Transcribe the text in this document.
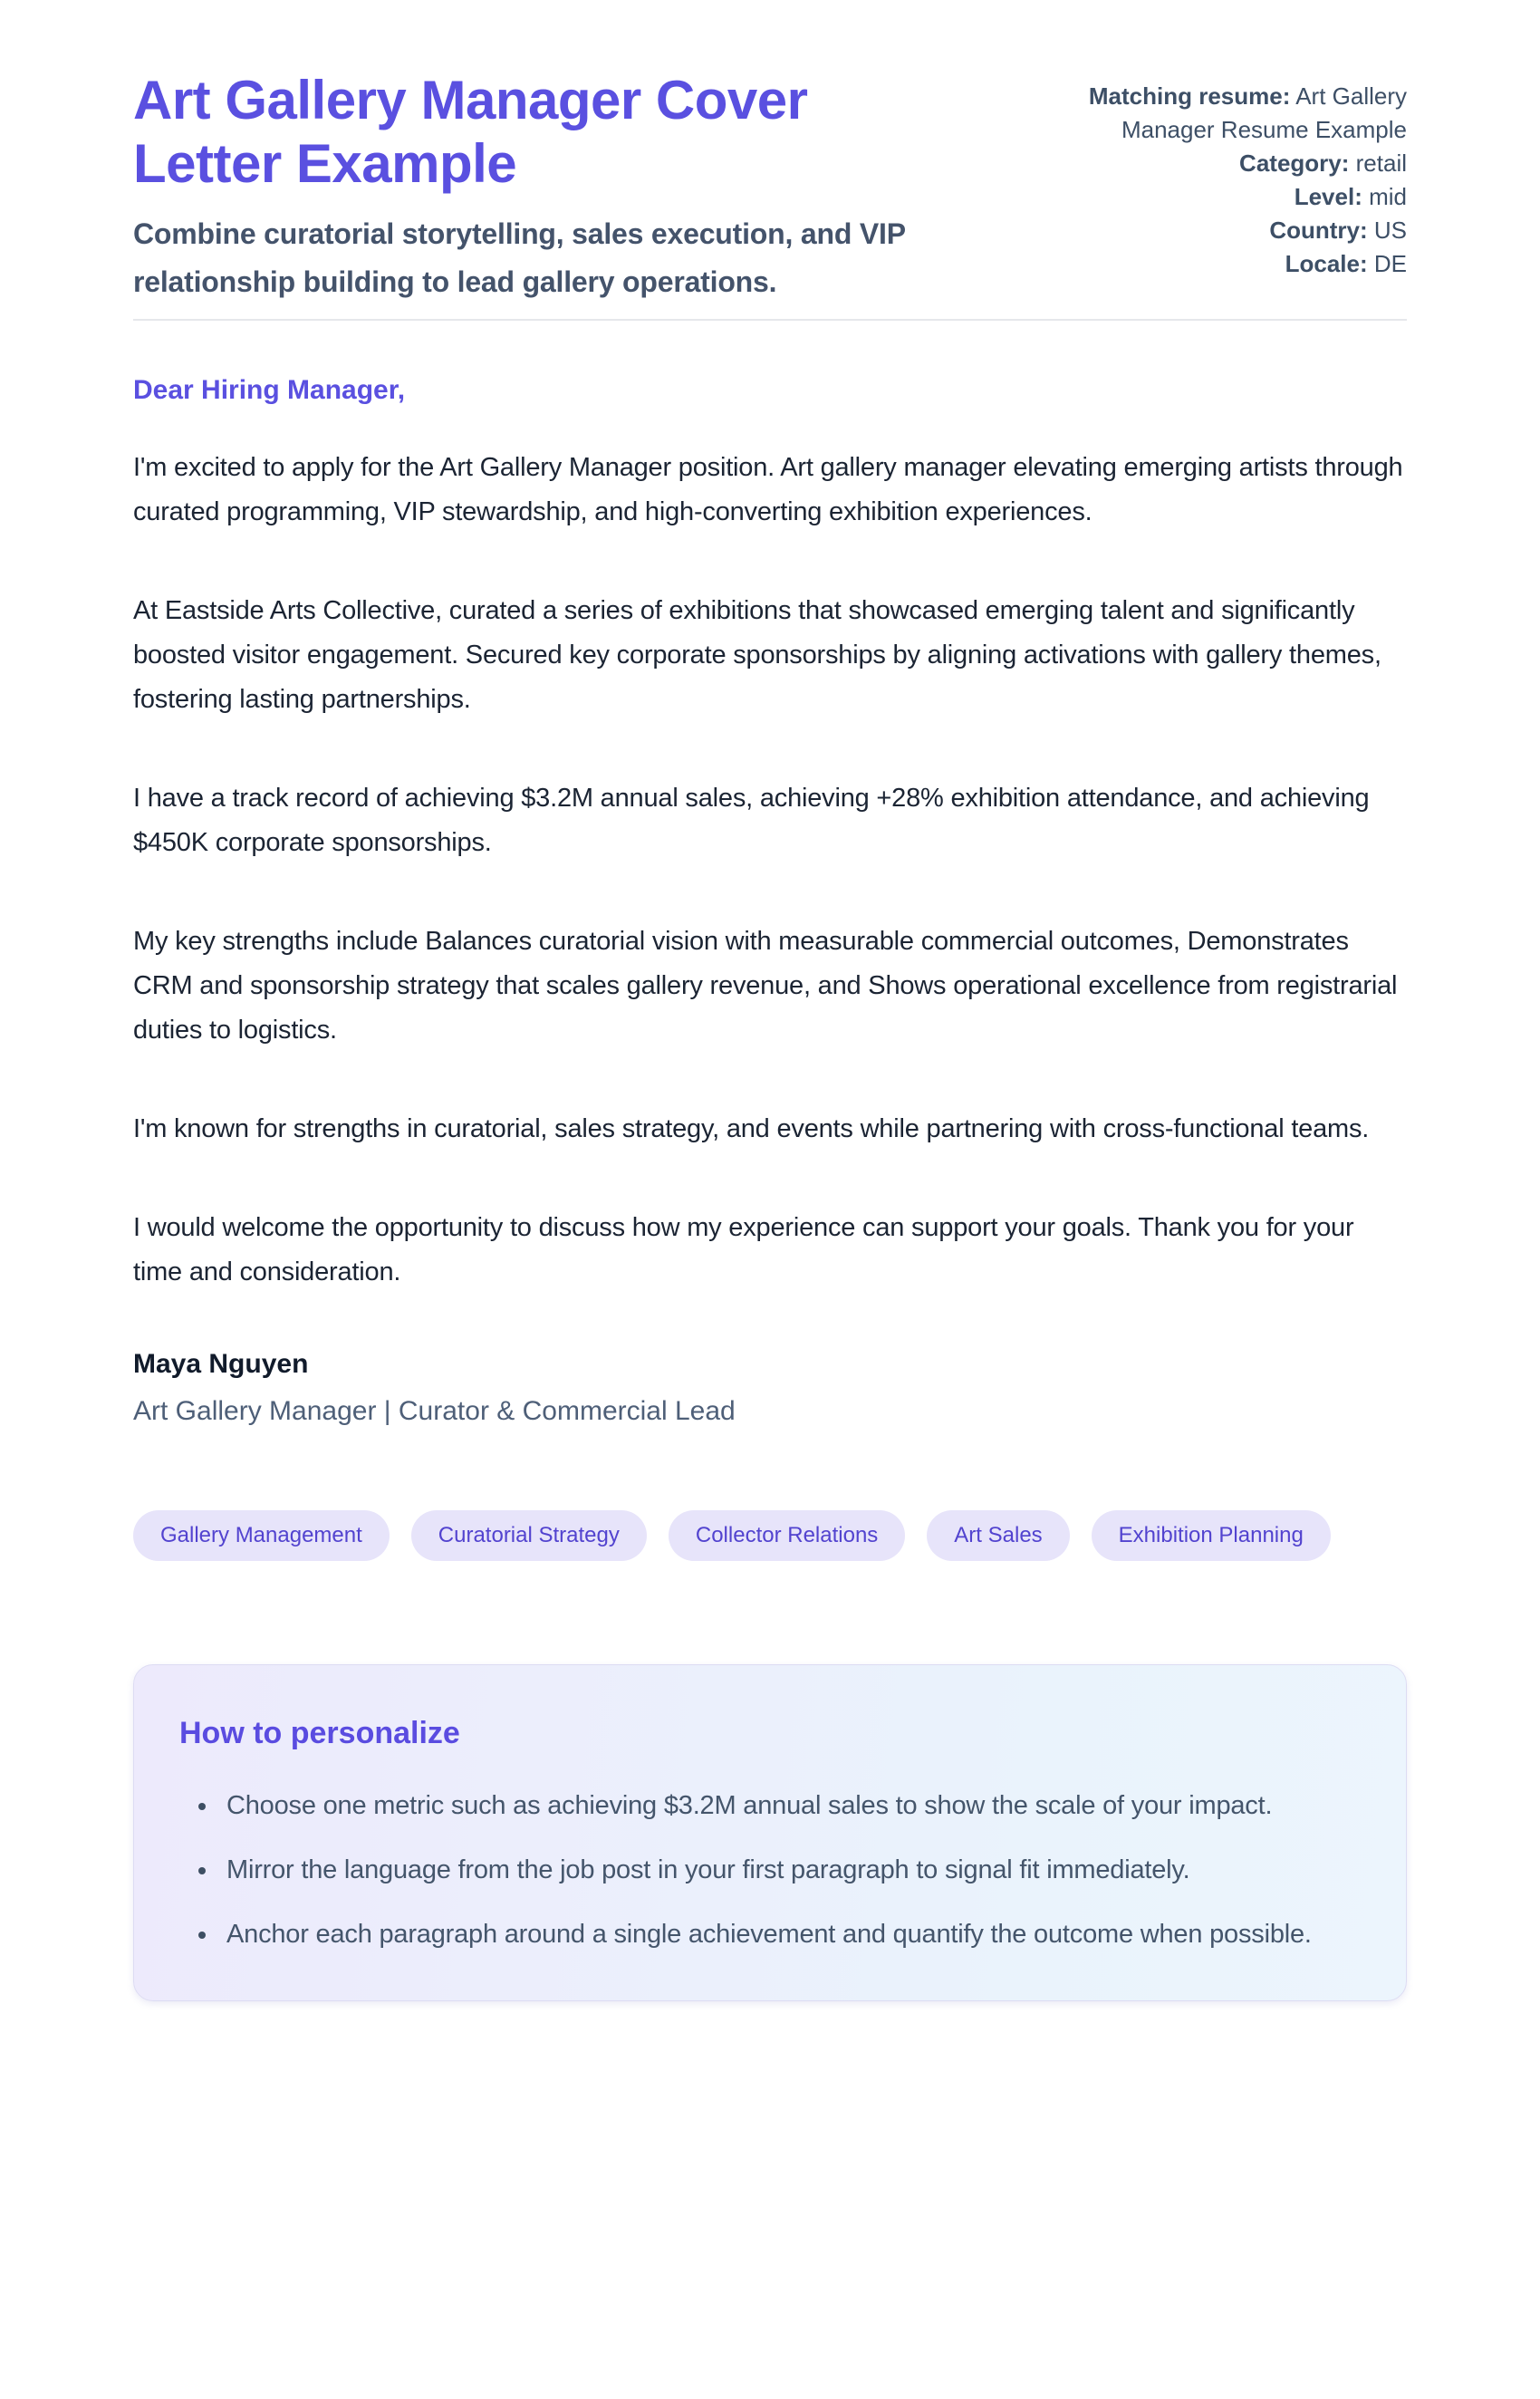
Art Gallery Manager Cover Letter Example

Combine curatorial storytelling, sales execution, and VIP relationship building to lead gallery operations.

Matching resume: Art Gallery Manager Resume Example
Category: retail
Level: mid
Country: US
Locale: DE

Dear Hiring Manager,

I'm excited to apply for the Art Gallery Manager position. Art gallery manager elevating emerging artists through curated programming, VIP stewardship, and high-converting exhibition experiences.

At Eastside Arts Collective, curated a series of exhibitions that showcased emerging talent and significantly boosted visitor engagement. Secured key corporate sponsorships by aligning activations with gallery themes, fostering lasting partnerships.

I have a track record of achieving $3.2M annual sales, achieving +28% exhibition attendance, and achieving $450K corporate sponsorships.

My key strengths include Balances curatorial vision with measurable commercial outcomes, Demonstrates CRM and sponsorship strategy that scales gallery revenue, and Shows operational excellence from registrarial duties to logistics.

I'm known for strengths in curatorial, sales strategy, and events while partnering with cross-functional teams.

I would welcome the opportunity to discuss how my experience can support your goals. Thank you for your time and consideration.

Maya Nguyen

Art Gallery Manager | Curator & Commercial Lead

Gallery Management	Curatorial Strategy	Collector Relations	Art Sales	Exhibition Planning
How to personalize
• Choose one metric such as achieving $3.2M annual sales to show the scale of your impact.
• Mirror the language from the job post in your first paragraph to signal fit immediately.
• Anchor each paragraph around a single achievement and quantify the outcome when possible.
